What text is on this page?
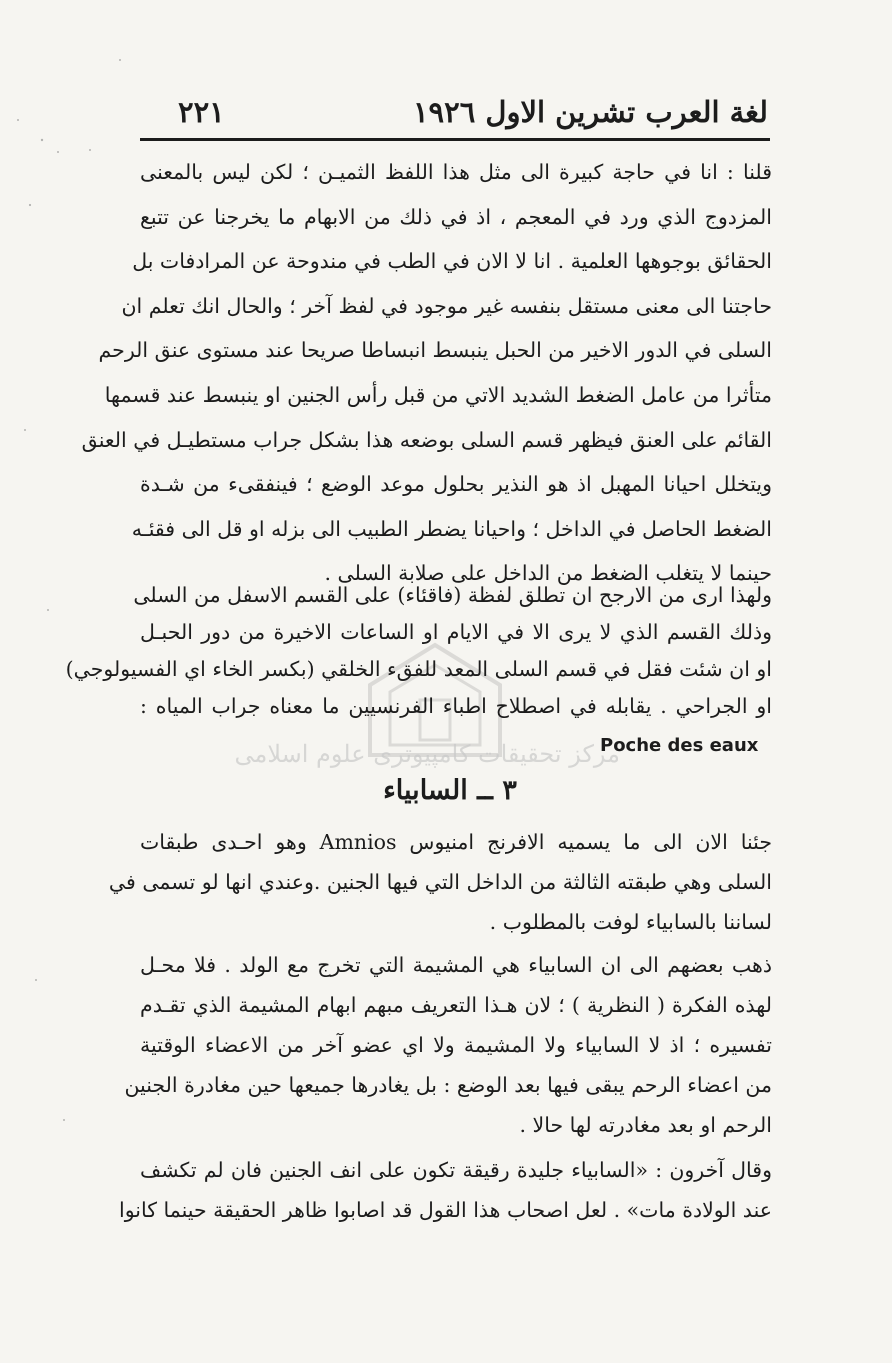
لغة العرب تشرين الاول ١٩٢٦
٢٢١
قلنا : انا في حاجة كبيرة الى مثل هذا اللفظ الثميـن ؛ لكن ليس بالمعنى
المزدوج الذي ورد في المعجم ، اذ في ذلك من الابهام ما يخرجنا عن تتبع
الحقائق بوجوهها العلمية . انا لا الان في الطب في مندوحة عن المرادفات بل
حاجتنا الى معنى مستقل بنفسه غير موجود في لفظ آخر ؛ والحال انك تعلم ان
السلى في الدور الاخير من الحبل ينبسط انبساطا صريحا عند مستوى عنق الرحم
متأثرا من عامل الضغط الشديد الاتي من قبل رأس الجنين او ينبسط عند قسمها
القائم على العنق فيظهر قسم السلى بوضعه هذا بشكل جراب مستطيـل في العنق
ويتخلل احيانا المهبل اذ هو النذير بحلول موعد الوضع ؛ فينفقىء من شـدة
الضغط الحاصل في الداخل ؛ واحيانا يضطر الطبيب الى بزله او قل الى فقئـه
حينما لا يتغلب الضغط من الداخل على صلابة السلى .
ولهذا ارى من الارجح ان تطلق لفظة (فاقئاء) على القسم الاسفل من السلى
وذلك القسم الذي لا يرى الا في الايام او الساعات الاخيرة من دور الحبـل
او ان شئت فقل في قسم السلى المعد للفقء الخلقي (بكسر الخاء اي الفسيولوجي)
او الجراحي . يقابله في اصطلاح اطباء الفرنسيين ما معناه جراب المياه :
Poche des eaux
مركز تحقيقات كامپيوتری علوم اسلامی
٣ ــ السابياء
جئنا الان الى ما يسميه الافرنج امنيوس Amnios وهو احـدى طبقات
السلى وهي طبقته الثالثة من الداخل التي فيها الجنين .وعندي انها لو تسمى في
لساننا بالسابياء لوفت بالمطلوب .
ذهب بعضهم الى ان السابياء هي المشيمة التي تخرج مع الولد . فلا محـل
لهذه الفكرة ( النظرية ) ؛ لان هـذا التعريف مبهم ابهام المشيمة الذي تقـدم
تفسيره ؛ اذ لا السابياء ولا المشيمة ولا اي عضو آخر من الاعضاء الوقتية
من اعضاء الرحم يبقى فيها بعد الوضع : بل يغادرها جميعها حين مغادرة الجنين
الرحم او بعد مغادرته لها حالا .
وقال آخرون : «السابياء جليدة رقيقة تكون على انف الجنين فان لم تكشف
عند الولادة مات» . لعل اصحاب هذا القول قد اصابوا ظاهر الحقيقة حينما كانوا
